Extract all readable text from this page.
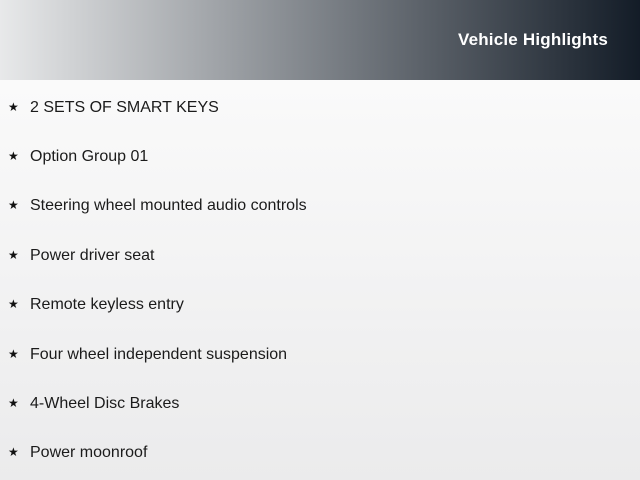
Vehicle Highlights
★ 2 SETS OF SMART KEYS
★ Option Group 01
★ Steering wheel mounted audio controls
★ Power driver seat
★ Remote keyless entry
★ Four wheel independent suspension
★ 4-Wheel Disc Brakes
★ Power moonroof
